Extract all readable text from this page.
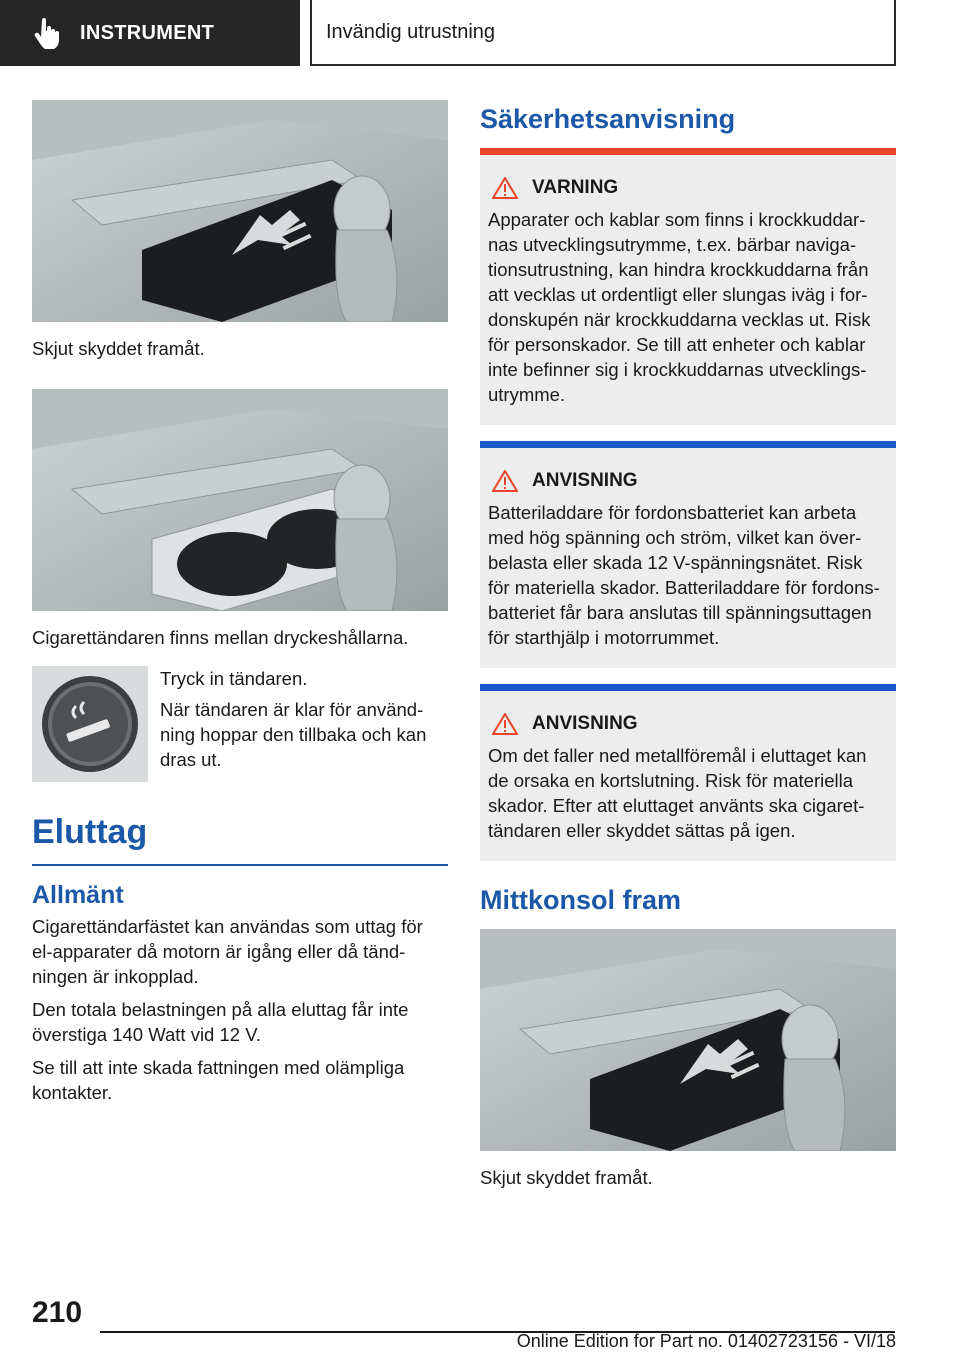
INSTRUMENT	Invändig utrustning
Skjut skyddet framåt.
Cigarettändaren finns mellan dryckeshållarna.
Tryck in tändaren.
När tändaren är klar för användning hoppar den tillbaka och kan dras ut.
Eluttag
Allmänt
Cigarettändarfästet kan användas som uttag för el-apparater då motorn är igång eller då tändningen är inkopplad.
Den totala belastningen på alla eluttag får inte överstiga 140 Watt vid 12 V.
Se till att inte skada fattningen med olämpliga kontakter.
Säkerhetsanvisning
VARNING
Apparater och kablar som finns i krockkuddarnas utvecklingsutrymme, t.ex. bärbar navigationsutrustning, kan hindra krockkuddarna från att vecklas ut ordentligt eller slungas iväg i fordonskupén när krockkuddarna vecklas ut. Risk för personskador. Se till att enheter och kablar inte befinner sig i krockkuddarnas utvecklingsutrymme.
ANVISNING
Batteriladdare för fordonsbatteriet kan arbeta med hög spänning och ström, vilket kan överbelasta eller skada 12 V-spänningsnätet. Risk för materiella skador. Batteriladdare för fordonsbatteriet får bara anslutas till spänningsuttagen för starthjälp i motorrummet.
ANVISNING
Om det faller ned metallföremål i eluttaget kan de orsaka en kortslutning. Risk för materiella skador. Efter att eluttaget använts ska cigarettändaren eller skyddet sättas på igen.
Mittkonsol fram
Skjut skyddet framåt.
210
Online Edition for Part no. 01402723156 - VI/18
